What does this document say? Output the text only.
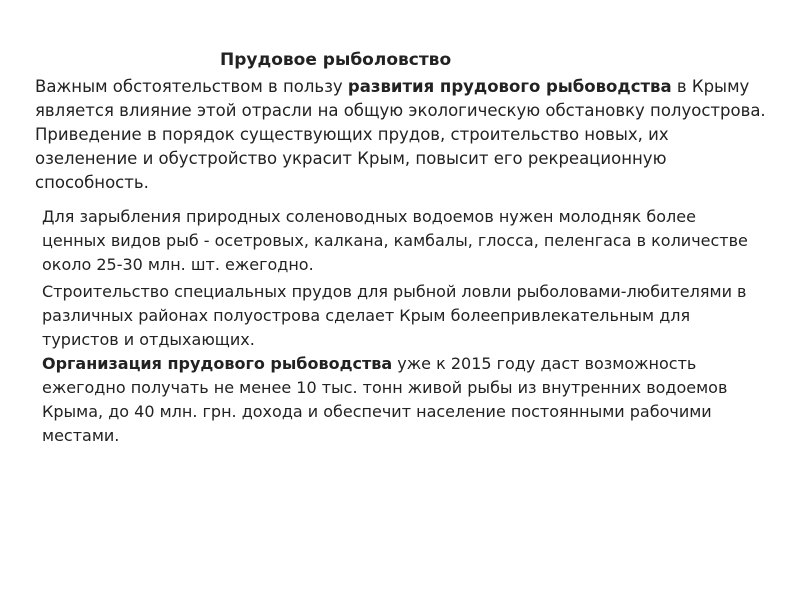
Прудовое рыболовство
Важным обстоятельством в пользу развития прудового рыбоводства в Крыму является влияние этой отрасли на общую экологическую обстановку полуострова. Приведение в порядок существующих прудов, строительство новых, их озеленение и обустройство украсит Крым, повысит его рекреационную способность.
Для зарыбления природных соленоводных водоемов нужен молодняк более ценных видов рыб - осетровых, калкана, камбалы, глосса, пеленгаса в количестве около 25-30 млн. шт. ежегодно.
Строительство специальных прудов для рыбной ловли рыболовами-любителями в различных районах полуострова сделает Крым болеепривлекательным для туристов и отдыхающих.
Организация прудового рыбоводства уже к 2015 году даст возможность ежегодно получать не менее 10 тыс. тонн живой рыбы из внутренних водоемов Крыма, до 40 млн. грн. дохода и обеспечит население постоянными рабочими местами.
